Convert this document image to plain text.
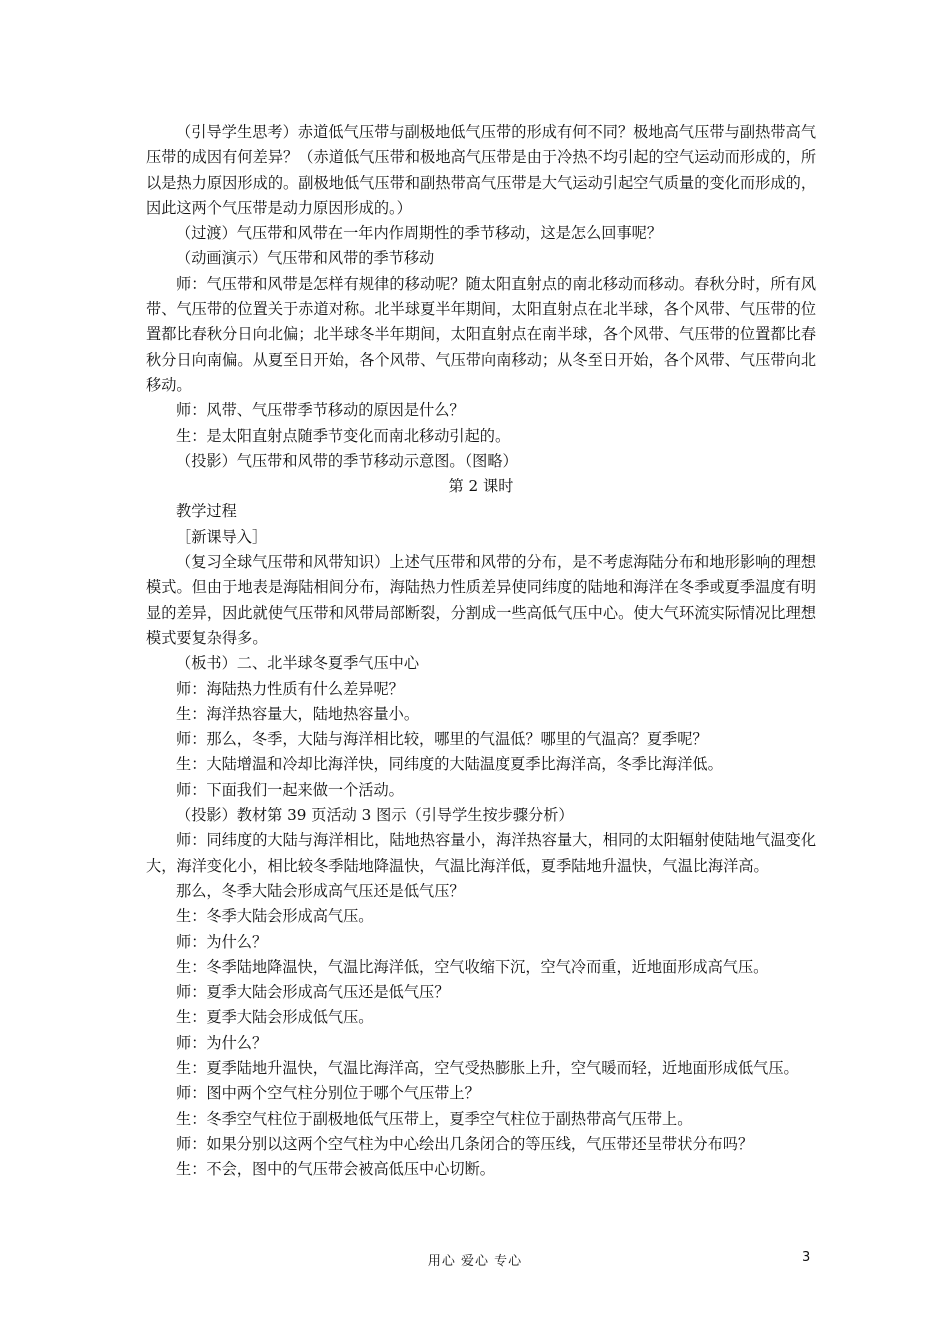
（引导学生思考）赤道低气压带与副极地低气压带的形成有何不同？极地高气压带与副热带高气压带的成因有何差异？（赤道低气压带和极地高气压带是由于冷热不均引起的空气运动而形成的，所以是热力原因形成的。副极地低气压带和副热带高气压带是大气运动引起空气质量的变化而形成的，因此这两个气压带是动力原因形成的。）

（过渡）气压带和风带在一年内作周期性的季节移动，这是怎么回事呢？

（动画演示）气压带和风带的季节移动

师：气压带和风带是怎样有规律的移动呢？随太阳直射点的南北移动而移动。春秋分时，所有风带、气压带的位置关于赤道对称。北半球夏半年期间，太阳直射点在北半球，各个风带、气压带的位置都比春秋分日向北偏；北半球冬半年期间，太阳直射点在南半球，各个风带、气压带的位置都比春秋分日向南偏。从夏至日开始，各个风带、气压带向南移动；从冬至日开始，各个风带、气压带向北移动。

师：风带、气压带季节移动的原因是什么？

生：是太阳直射点随季节变化而南北移动引起的。

（投影）气压带和风带的季节移动示意图。（图略）

第 2 课时

教学过程

［新课导入］

（复习全球气压带和风带知识）上述气压带和风带的分布，是不考虑海陆分布和地形影响的理想模式。但由于地表是海陆相间分布，海陆热力性质差异使同纬度的陆地和海洋在冬季或夏季温度有明显的差异，因此就使气压带和风带局部断裂，分割成一些高低气压中心。使大气环流实际情况比理想模式要复杂得多。

（板书）二、北半球冬夏季气压中心

师：海陆热力性质有什么差异呢？

生：海洋热容量大，陆地热容量小。

师：那么，冬季，大陆与海洋相比较，哪里的气温低？哪里的气温高？夏季呢？

生：大陆增温和冷却比海洋快，同纬度的大陆温度夏季比海洋高，冬季比海洋低。

师：下面我们一起来做一个活动。

（投影）教材第 39 页活动 3 图示（引导学生按步骤分析）

师：同纬度的大陆与海洋相比，陆地热容量小，海洋热容量大，相同的太阳辐射使陆地气温变化大，海洋变化小，相比较冬季陆地降温快，气温比海洋低，夏季陆地升温快，气温比海洋高。

那么，冬季大陆会形成高气压还是低气压？

生：冬季大陆会形成高气压。

师：为什么？

生：冬季陆地降温快，气温比海洋低，空气收缩下沉，空气冷而重，近地面形成高气压。

师：夏季大陆会形成高气压还是低气压？

生：夏季大陆会形成低气压。

师：为什么？

生：夏季陆地升温快，气温比海洋高，空气受热膨胀上升，空气暖而轻，近地面形成低气压。

师：图中两个空气柱分别位于哪个气压带上？

生：冬季空气柱位于副极地低气压带上，夏季空气柱位于副热带高气压带上。

师：如果分别以这两个空气柱为中心绘出几条闭合的等压线，气压带还呈带状分布吗？

生：不会，图中的气压带会被高低压中心切断。

用心 爱心 专心	3
